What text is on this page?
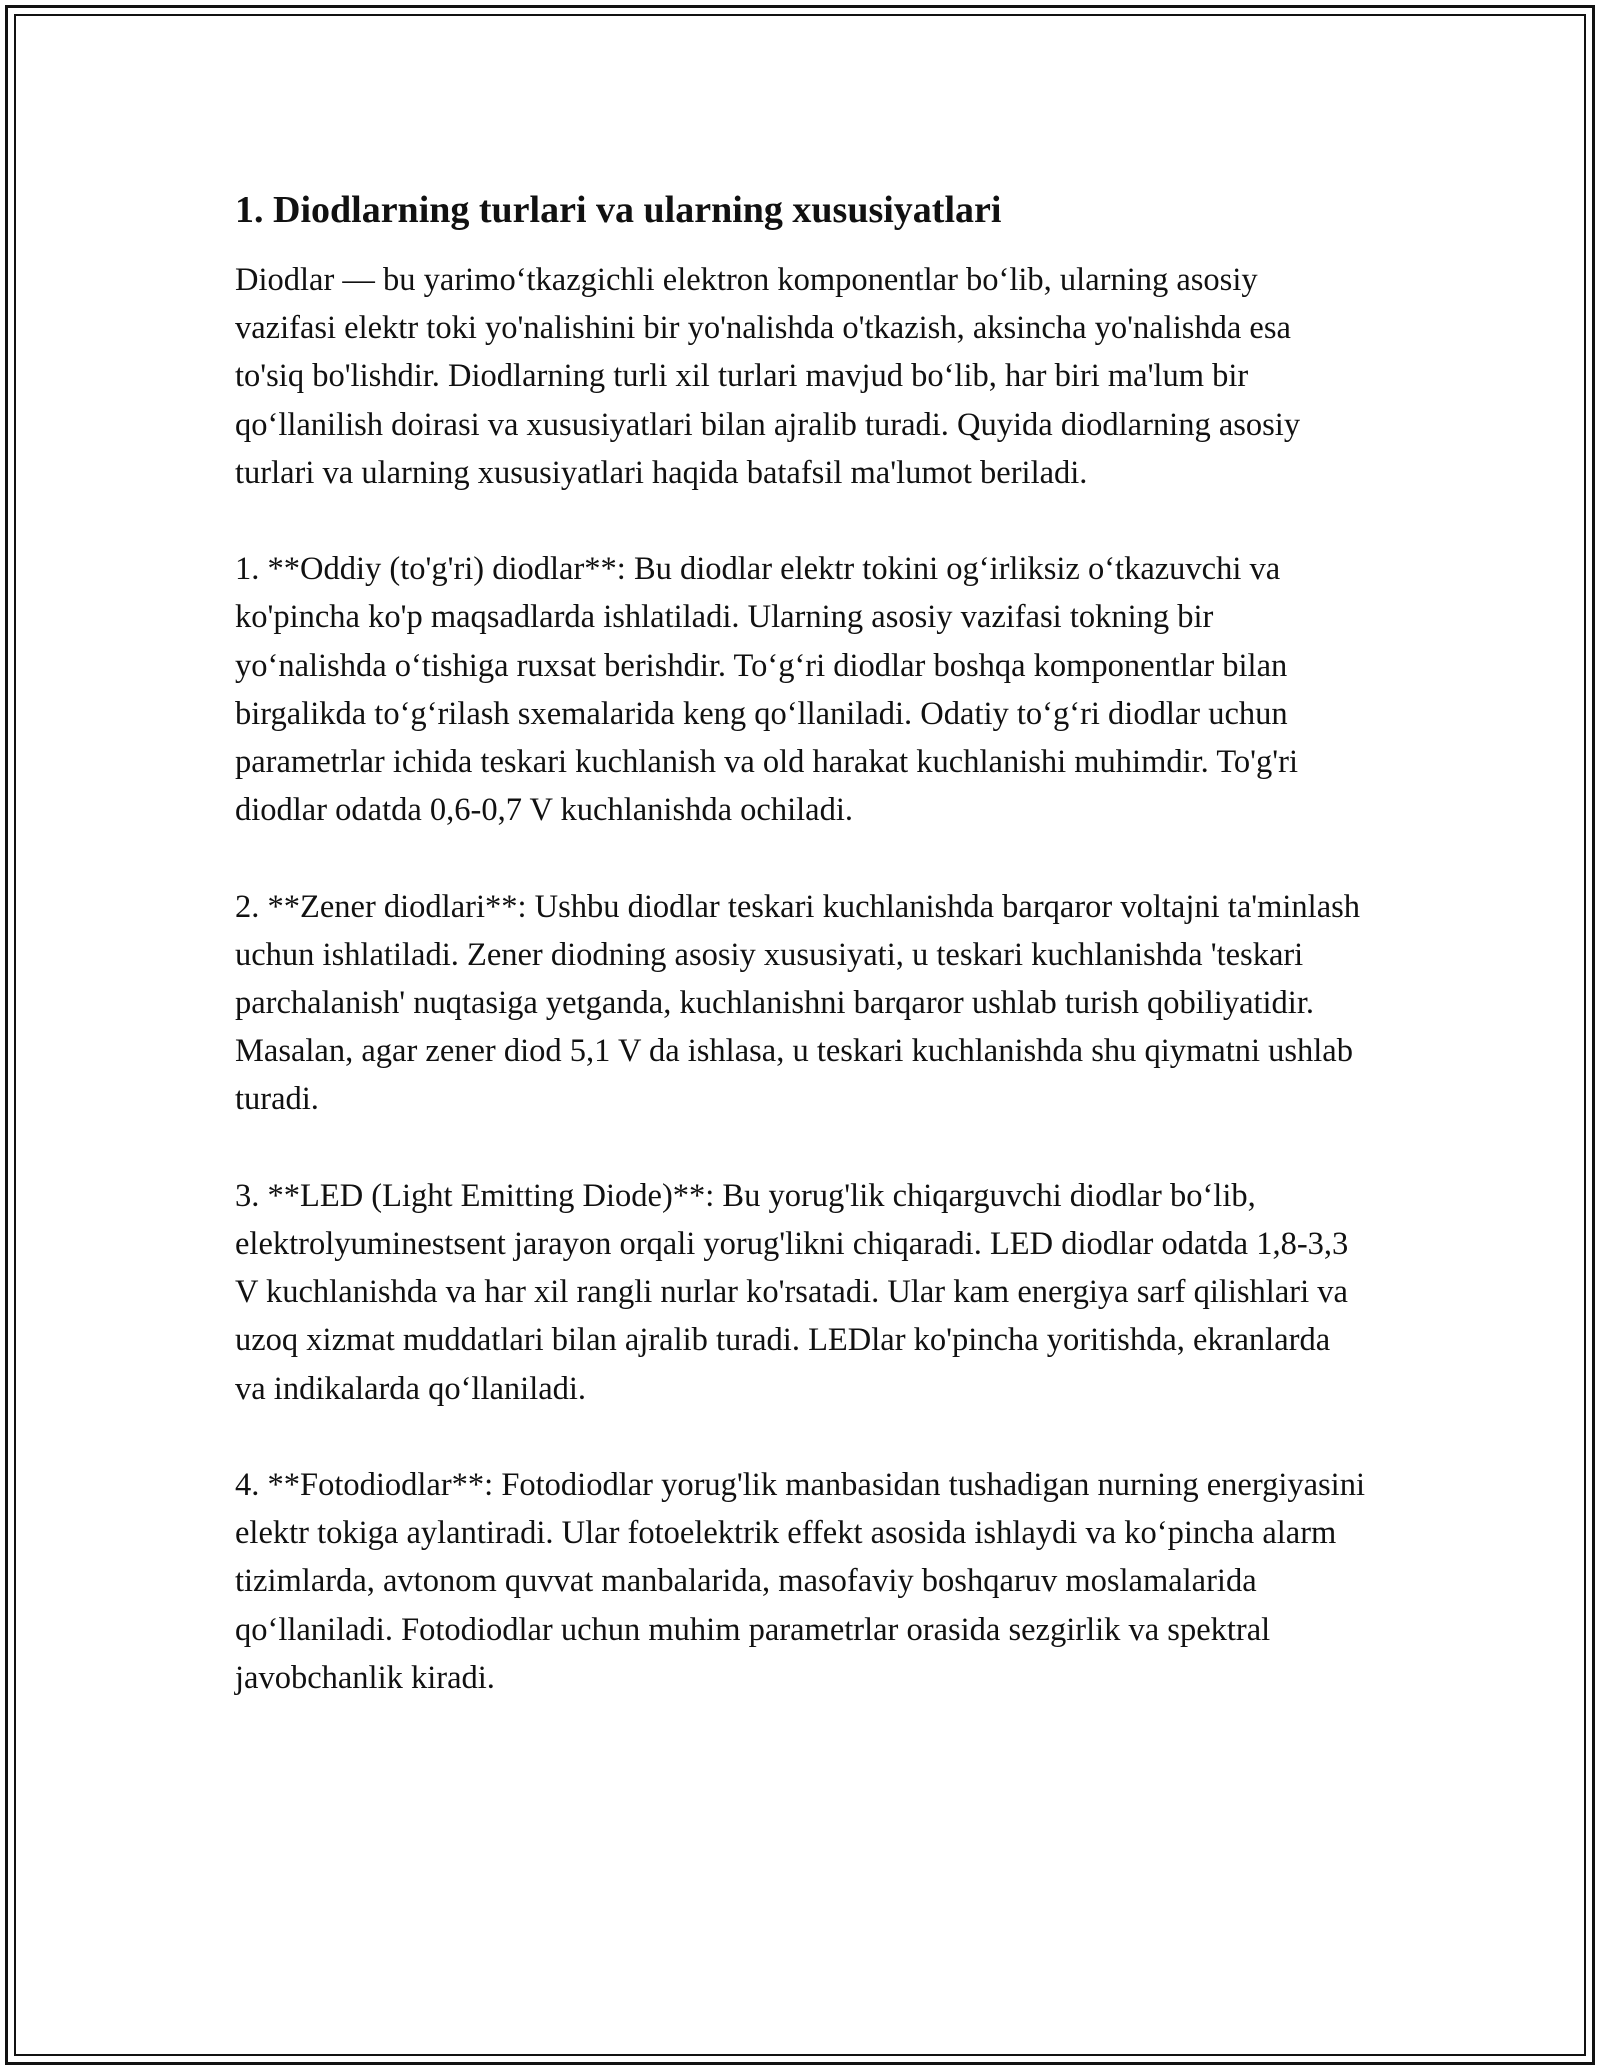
1. Diodlarning turlari va ularning xususiyatlari

Diodlar — bu yarimo‘tkazgichli elektron komponentlar bo‘lib, ularning asosiy vazifasi elektr toki yo'nalishini bir yo'nalishda o'tkazish, aksincha yo'nalishda esa to'siq bo'lishdir. Diodlarning turli xil turlari mavjud bo‘lib, har biri ma'lum bir qo‘llanilish doirasi va xususiyatlari bilan ajralib turadi. Quyida diodlarning asosiy turlari va ularning xususiyatlari haqida batafsil ma'lumot beriladi.

1. **Oddiy (to'g'ri) diodlar**: Bu diodlar elektr tokini og‘irliksiz o‘tkazuvchi va ko'pincha ko'p maqsadlarda ishlatiladi. Ularning asosiy vazifasi tokning bir yo‘nalishda o‘tishiga ruxsat berishdir. To‘g‘ri diodlar boshqa komponentlar bilan birgalikda to‘g‘rilash sxemalarida keng qo‘llaniladi. Odatiy to‘g‘ri diodlar uchun parametrlar ichida teskari kuchlanish va old harakat kuchlanishi muhimdir. To'g'ri diodlar odatda 0,6-0,7 V kuchlanishda ochiladi.

2. **Zener diodlari**: Ushbu diodlar teskari kuchlanishda barqaror voltajni ta'minlash uchun ishlatiladi. Zener diodning asosiy xususiyati, u teskari kuchlanishda 'teskari parchalanish' nuqtasiga yetganda, kuchlanishni barqaror ushlab turish qobiliyatidir. Masalan, agar zener diod 5,1 V da ishlasa, u teskari kuchlanishda shu qiymatni ushlab turadi.

3. **LED (Light Emitting Diode)**: Bu yorug'lik chiqarguvchi diodlar bo‘lib, elektrolyuminestsent jarayon orqali yorug'likni chiqaradi. LED diodlar odatda 1,8-3,3 V kuchlanishda va har xil rangli nurlar ko'rsatadi. Ular kam energiya sarf qilishlari va uzoq xizmat muddatlari bilan ajralib turadi. LEDlar ko'pincha yoritishda, ekranlarda va indikalarda qo‘llaniladi.

4. **Fotodiodlar**: Fotodiodlar yorug'lik manbasidan tushadigan nurning energiyasini elektr tokiga aylantiradi. Ular fotoelektrik effekt asosida ishlaydi va ko‘pincha alarm tizimlarda, avtonom quvvat manbalarida, masofaviy boshqaruv moslamalarida qo‘llaniladi. Fotodiodlar uchun muhim parametrlar orasida sezgirlik va spektral javobchanlik kiradi.
